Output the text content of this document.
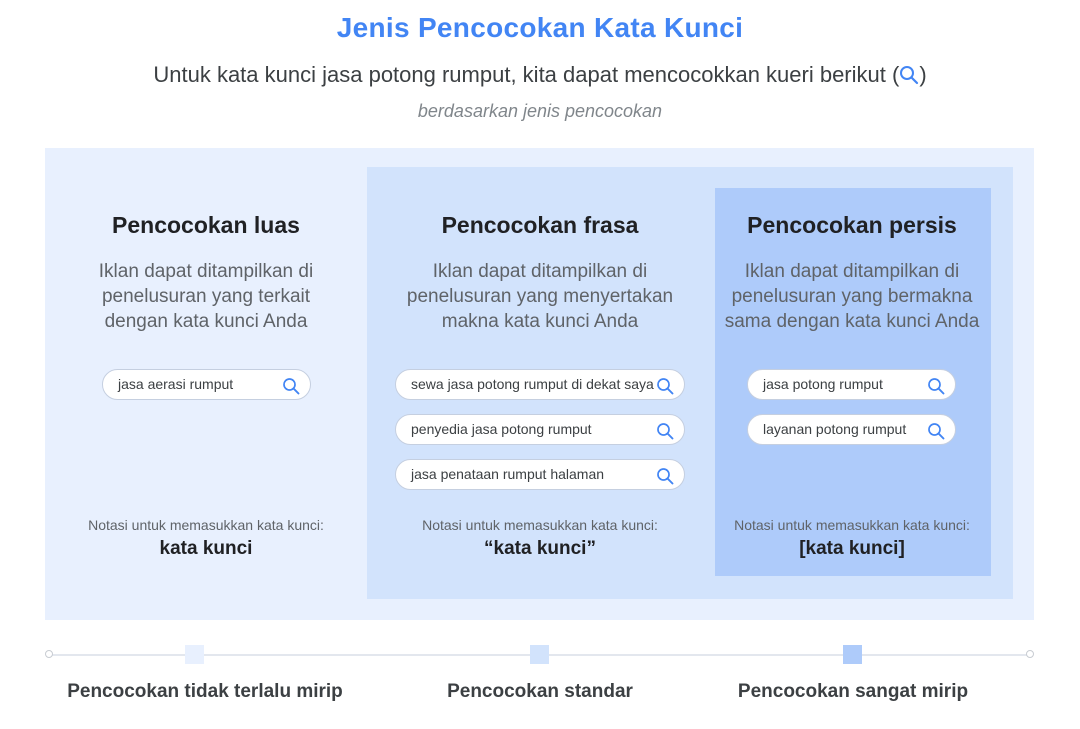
Jenis Pencocokan Kata Kunci
Untuk kata kunci jasa potong rumput, kita dapat mencocokkan kueri berikut ( )
berdasarkan jenis pencocokan
Pencocokan luas
Iklan dapat ditampilkan di
penelusuran yang terkait
dengan kata kunci Anda
Notasi untuk memasukkan kata kunci:
kata kunci
jasa aerasi rumput
Pencocokan frasa
Iklan dapat ditampilkan di
penelusuran yang menyertakan
makna kata kunci Anda
Notasi untuk memasukkan kata kunci:
“kata kunci”
sewa jasa potong rumput di dekat saya
penyedia jasa potong rumput
jasa penataan rumput halaman
Pencocokan persis
Iklan dapat ditampilkan di
penelusuran yang bermakna
sama dengan kata kunci Anda
Notasi untuk memasukkan kata kunci:
[kata kunci]
jasa potong rumput
layanan potong rumput
Pencocokan tidak terlalu mirip	Pencocokan standar	Pencocokan sangat mirip
